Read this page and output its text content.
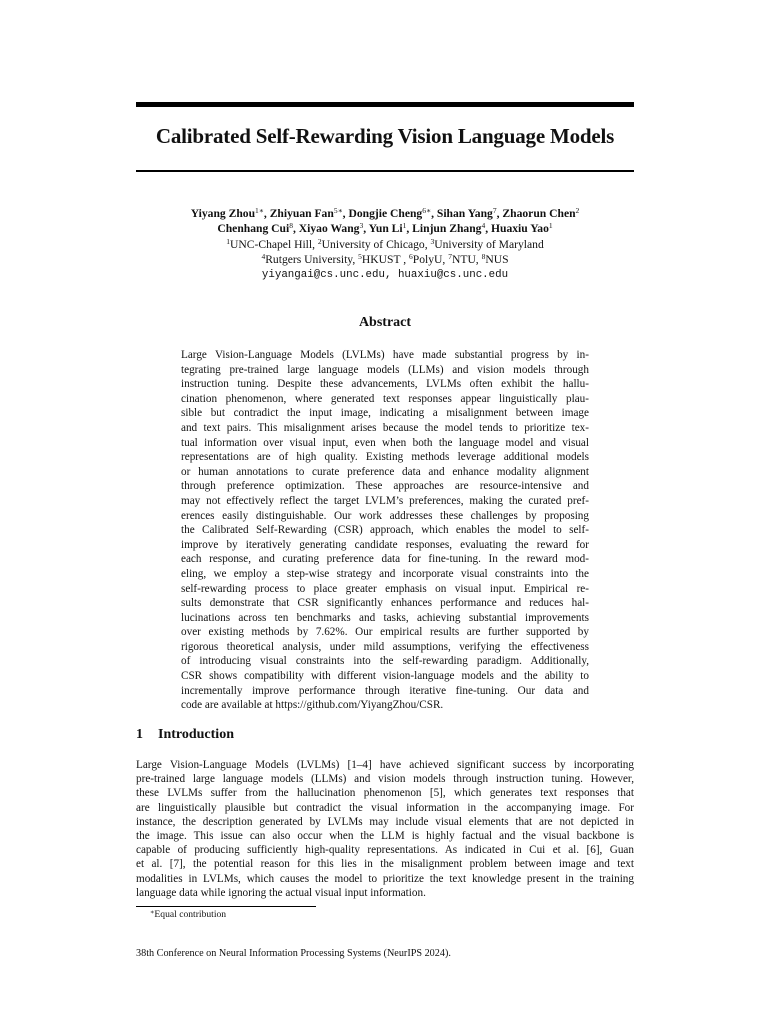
Calibrated Self-Rewarding Vision Language Models
Yiyang Zhou$^{1∗}$, Zhiyuan Fan$^{5∗}$, Dongjie Cheng$^{6∗}$, Sihan Yang$^7$, Zhaorun Chen$^2$
Chenhang Cui$^8$, Xiyao Wang$^3$, Yun Li$^1$, Linjun Zhang$^4$, Huaxiu Yao$^1$
$^1$UNC-Chapel Hill, $^2$University of Chicago, $^3$University of Maryland
$^4$Rutgers University, $^5$HKUST , $^6$PolyU, $^7$NTU, $^8$NUS
yiyangai@cs.unc.edu, huaxiu@cs.unc.edu
Abstract
Large Vision-Language Models (LVLMs) have made substantial progress by in-
tegrating pre-trained large language models (LLMs) and vision models through
instruction tuning. Despite these advancements, LVLMs often exhibit the hallu-
cination phenomenon, where generated text responses appear linguistically plau-
sible but contradict the input image, indicating a misalignment between image
and text pairs. This misalignment arises because the model tends to prioritize tex-
tual information over visual input, even when both the language model and visual
representations are of high quality. Existing methods leverage additional models
or human annotations to curate preference data and enhance modality alignment
through preference optimization. These approaches are resource-intensive and
may not effectively reflect the target LVLM’s preferences, making the curated pref-
erences easily distinguishable. Our work addresses these challenges by proposing
the Calibrated Self-Rewarding (CSR) approach, which enables the model to self-
improve by iteratively generating candidate responses, evaluating the reward for
each response, and curating preference data for fine-tuning. In the reward mod-
eling, we employ a step-wise strategy and incorporate visual constraints into the
self-rewarding process to place greater emphasis on visual input. Empirical re-
sults demonstrate that CSR significantly enhances performance and reduces hal-
lucinations across ten benchmarks and tasks, achieving substantial improvements
over existing methods by 7.62%. Our empirical results are further supported by
rigorous theoretical analysis, under mild assumptions, verifying the effectiveness
of introducing visual constraints into the self-rewarding paradigm. Additionally,
CSR shows compatibility with different vision-language models and the ability to
incrementally improve performance through iterative fine-tuning. Our data and
code are available at https://github.com/YiyangZhou/CSR.
1 Introduction
Large Vision-Language Models (LVLMs) [1–4] have achieved significant success by incorporating
pre-trained large language models (LLMs) and vision models through instruction tuning. However,
these LVLMs suffer from the hallucination phenomenon [5], which generates text responses that
are linguistically plausible but contradict the visual information in the accompanying image. For
instance, the description generated by LVLMs may include visual elements that are not depicted in
the image. This issue can also occur when the LLM is highly factual and the visual backbone is
capable of producing sufficiently high-quality representations. As indicated in Cui et al. [6], Guan
et al. [7], the potential reason for this lies in the misalignment problem between image and text
modalities in LVLMs, which causes the model to prioritize the text knowledge present in the training
language data while ignoring the actual visual input information.
∗Equal contribution
38th Conference on Neural Information Processing Systems (NeurIPS 2024).
